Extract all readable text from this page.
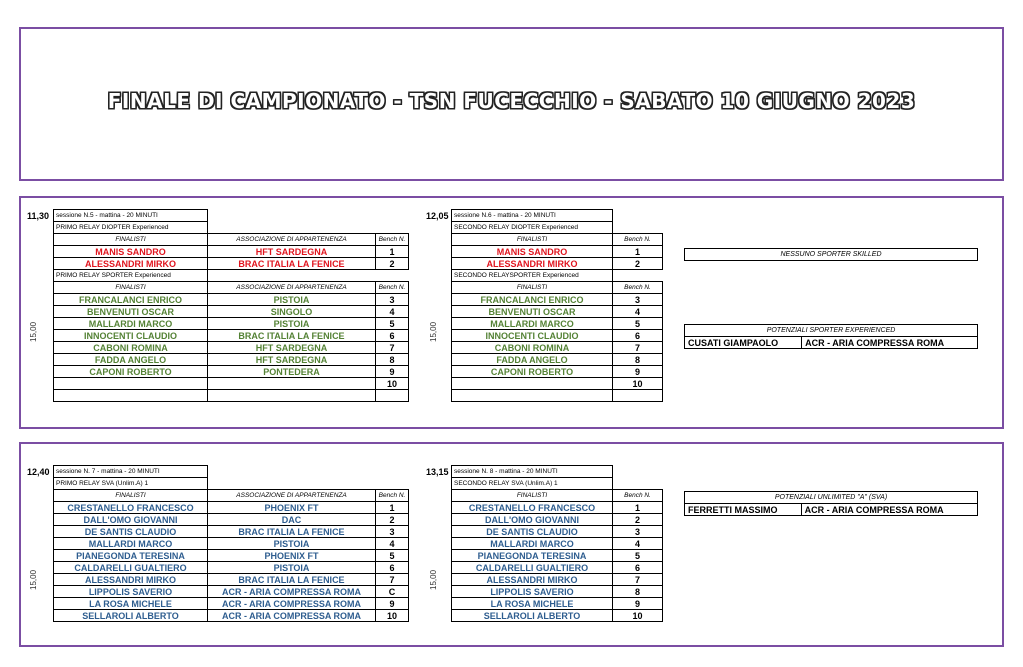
FINALE DI CAMPIONATO - TSN FUCECCHIO - SABATO 10 GIUGNO 2023
11,30
15,00
sessione N.5 - mattina - 20 MINUTI		
PRIMO RELAY DIOPTER Experienced		
FINALISTI	ASSOCIAZIONE DI APPARTENENZA	Bench N.
MANIS SANDRO	HFT SARDEGNA	1
ALESSANDRI MIRKO	BRAC ITALIA LA FENICE	2
PRIMO RELAY SPORTER Experienced		
FINALISTI	ASSOCIAZIONE DI APPARTENENZA	Bench N.
FRANCALANCI ENRICO	PISTOIA	3
BENVENUTI OSCAR	SINGOLO	4
MALLARDI MARCO	PISTOIA	5
INNOCENTI CLAUDIO	BRAC ITALIA LA FENICE	6
CABONI ROMINA	HFT SARDEGNA	7
FADDA ANGELO	HFT SARDEGNA	8
CAPONI ROBERTO	PONTEDERA	9
		10

12,05
15,00
sessione N.6 - mattina - 20 MINUTI	
SECONDO RELAY DIOPTER Experienced	
FINALISTI	Bench N.
MANIS SANDRO	1
ALESSANDRI MIRKO	2
SECONDO RELAYSPORTER Experienced	
FINALISTI	Bench N.
FRANCALANCI ENRICO	3
BENVENUTI OSCAR	4
MALLARDI MARCO	5
INNOCENTI CLAUDIO	6
CABONI ROMINA	7
FADDA ANGELO	8
CAPONI ROBERTO	9
	10

NESSUNO SPORTER SKILLED
POTENZIALI SPORTER EXPERIENCED
CUSATI GIAMPAOLO	ACR - ARIA COMPRESSA ROMA
12,40
15,00
sessione N. 7 - mattina - 20 MINUTI		
PRIMO RELAY SVA (Unlim.A) 1		
FINALISTI	ASSOCIAZIONE DI APPARTENENZA	Bench N.
CRESTANELLO FRANCESCO	PHOENIX FT	1
DALL'OMO GIOVANNI	DAC	2
DE SANTIS CLAUDIO	BRAC ITALIA LA FENICE	3
MALLARDI MARCO	PISTOIA	4
PIANEGONDA TERESINA	PHOENIX FT	5
CALDARELLI GUALTIERO	PISTOIA	6
ALESSANDRI MIRKO	BRAC ITALIA LA FENICE	7
LIPPOLIS SAVERIO	ACR - ARIA COMPRESSA ROMA	C
LA ROSA MICHELE	ACR - ARIA COMPRESSA ROMA	9
SELLAROLI ALBERTO	ACR - ARIA COMPRESSA ROMA	10
13,15
15,00
sessione N. 8 - mattina - 20 MINUTI	
SECONDO RELAY SVA (Unlim.A) 1	
FINALISTI	Bench N.
CRESTANELLO FRANCESCO	1
DALL'OMO GIOVANNI	2
DE SANTIS CLAUDIO	3
MALLARDI MARCO	4
PIANEGONDA TERESINA	5
CALDARELLI GUALTIERO	6
ALESSANDRI MIRKO	7
LIPPOLIS SAVERIO	8
LA ROSA MICHELE	9
SELLAROLI ALBERTO	10
POTENZIALI UNLIMITED "A" (SVA)
FERRETTI MASSIMO	ACR - ARIA COMPRESSA ROMA
